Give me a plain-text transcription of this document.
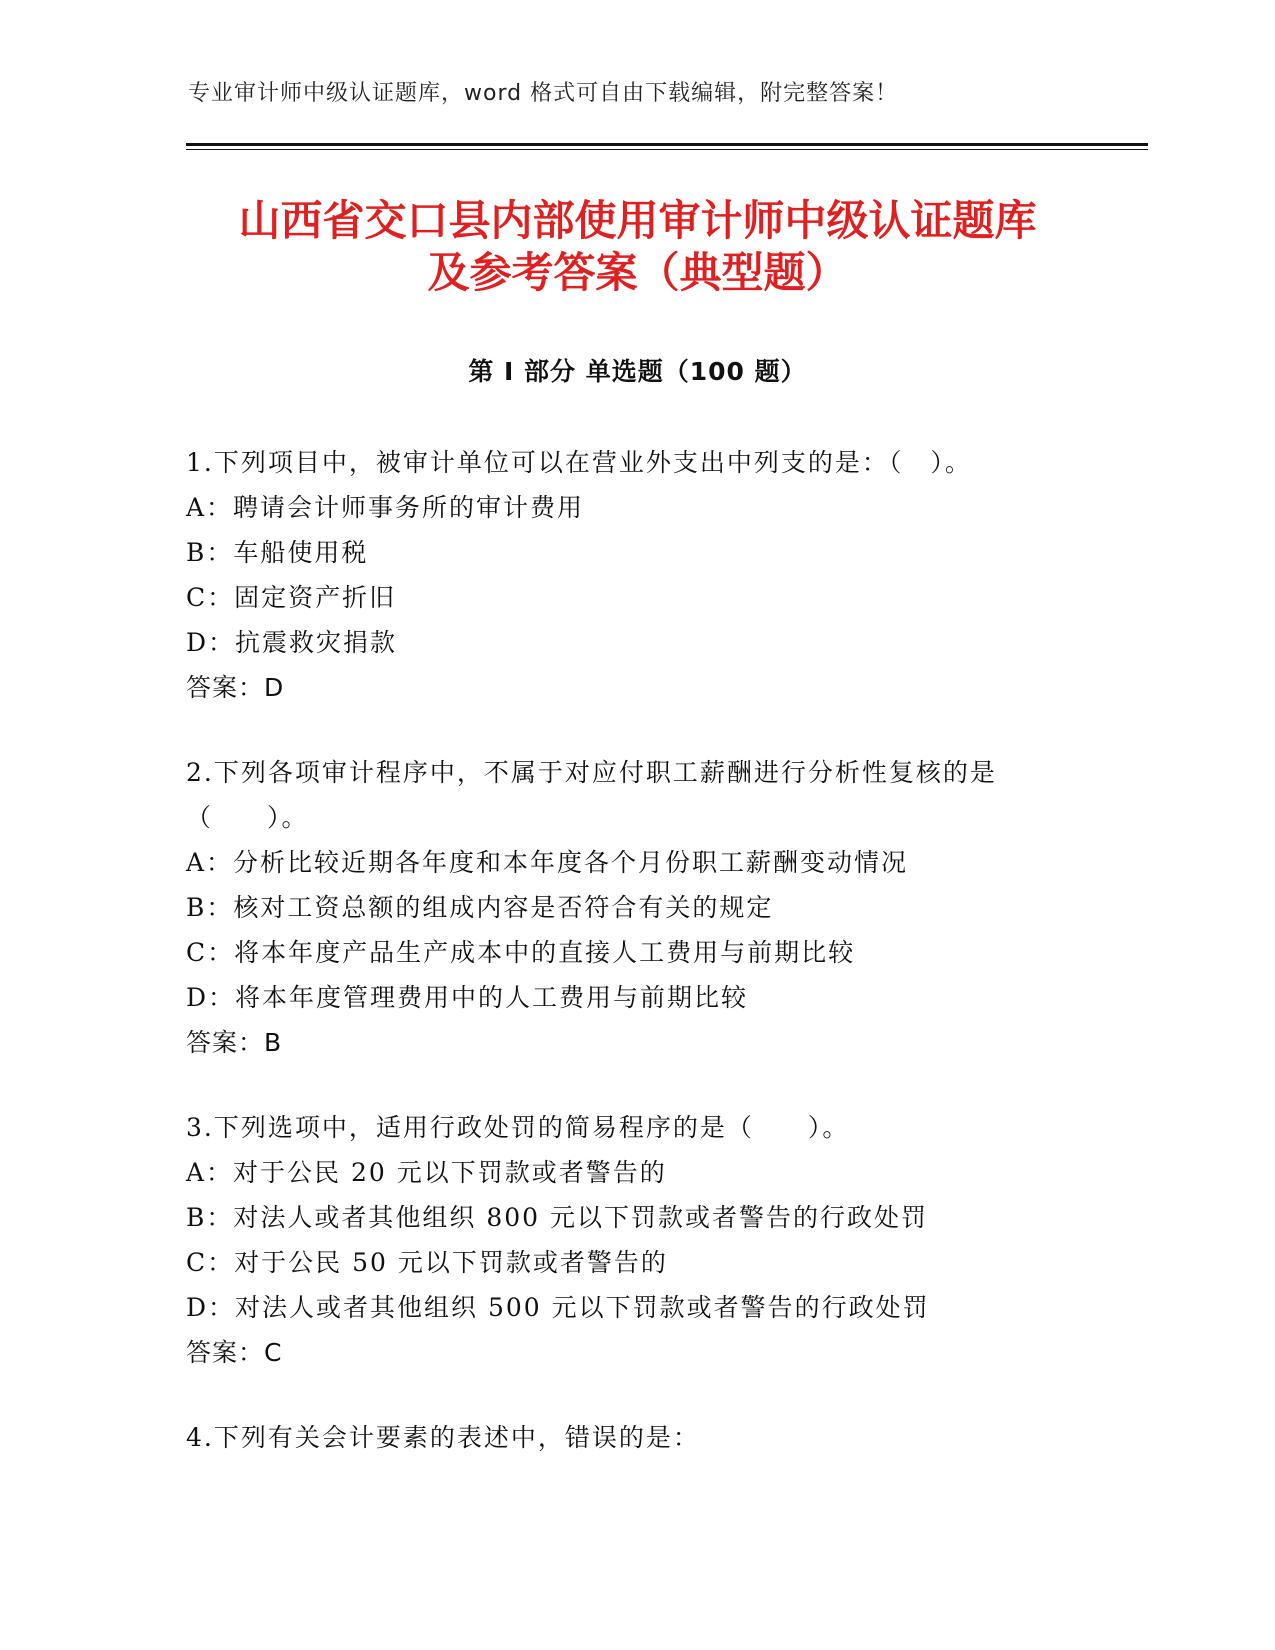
专业审计师中级认证题库，word 格式可自由下载编辑，附完整答案！
山西省交口县内部使用审计师中级认证题库
及参考答案（典型题）
第 I 部分 单选题（100 题）
1.下列项目中，被审计单位可以在营业外支出中列支的是：（　）。
A：聘请会计师事务所的审计费用
B：车船使用税
C：固定资产折旧
D：抗震救灾捐款
答案：D
2.下列各项审计程序中，不属于对应付职工薪酬进行分析性复核的是（　　）。
A：分析比较近期各年度和本年度各个月份职工薪酬变动情况
B：核对工资总额的组成内容是否符合有关的规定
C：将本年度产品生产成本中的直接人工费用与前期比较
D：将本年度管理费用中的人工费用与前期比较
答案：B
3.下列选项中，适用行政处罚的简易程序的是（　　）。
A：对于公民 20 元以下罚款或者警告的
B：对法人或者其他组织 800 元以下罚款或者警告的行政处罚
C：对于公民 50 元以下罚款或者警告的
D：对法人或者其他组织 500 元以下罚款或者警告的行政处罚
答案：C
4.下列有关会计要素的表述中，错误的是：
